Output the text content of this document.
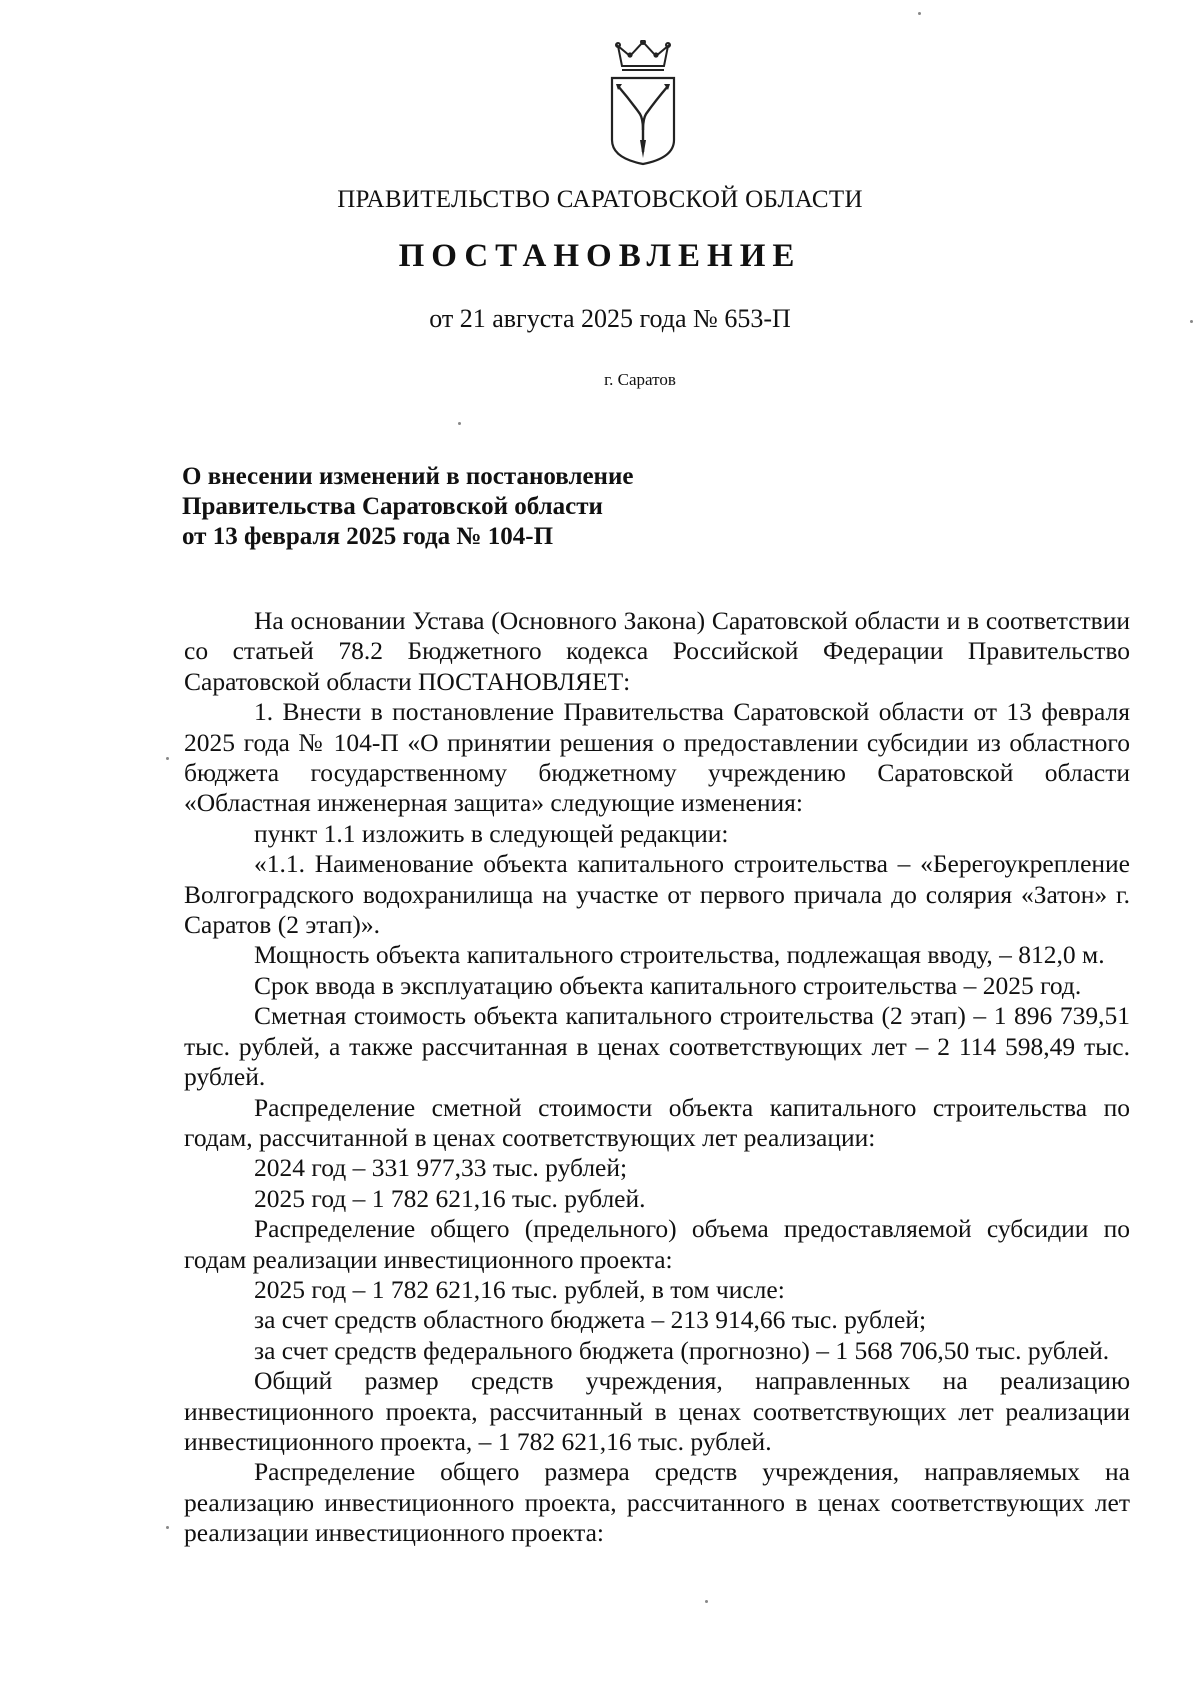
ПРАВИТЕЛЬСТВО САРАТОВСКОЙ ОБЛАСТИ
ПОСТАНОВЛЕНИЕ
от 21 августа 2025 года № 653-П
г. Саратов
О внесении изменений в постановление
Правительства Саратовской области
от 13 февраля 2025 года № 104-П

На основании Устава (Основного Закона) Саратовской области и в соответствии со статьей 78.2 Бюджетного кодекса Российской Федерации Правительство Саратовской области ПОСТАНОВЛЯЕТ:

1. Внести в постановление Правительства Саратовской области от 13 февраля 2025 года № 104-П «О принятии решения о предоставлении субсидии из областного бюджета государственному бюджетному учреждению Саратовской области «Областная инженерная защита» следующие изменения:

пункт 1.1 изложить в следующей редакции:

«1.1. Наименование объекта капитального строительства – «Берегоукрепление Волгоградского водохранилища на участке от первого причала до солярия «Затон» г. Саратов (2 этап)».

Мощность объекта капитального строительства, подлежащая вводу, – 812,0 м.

Срок ввода в эксплуатацию объекта капитального строительства – 2025 год.

Сметная стоимость объекта капитального строительства (2 этап) – 1 896 739,51 тыс. рублей, а также рассчитанная в ценах соответствующих лет – 2 114 598,49 тыс. рублей.

Распределение сметной стоимости объекта капитального строительства по годам, рассчитанной в ценах соответствующих лет реализации:

2024 год – 331 977,33 тыс. рублей;

2025 год – 1 782 621,16 тыс. рублей.

Распределение общего (предельного) объема предоставляемой субсидии по годам реализации инвестиционного проекта:

2025 год – 1 782 621,16 тыс. рублей, в том числе:

за счет средств областного бюджета – 213 914,66 тыс. рублей;

за счет средств федерального бюджета (прогнозно) – 1 568 706,50 тыс. рублей.

Общий размер средств учреждения, направленных на реализацию инвестиционного проекта, рассчитанный в ценах соответствующих лет реализации инвестиционного проекта, – 1 782 621,16 тыс. рублей.

Распределение общего размера средств учреждения, направляемых на реализацию инвестиционного проекта, рассчитанного в ценах соответствующих лет реализации инвестиционного проекта:
